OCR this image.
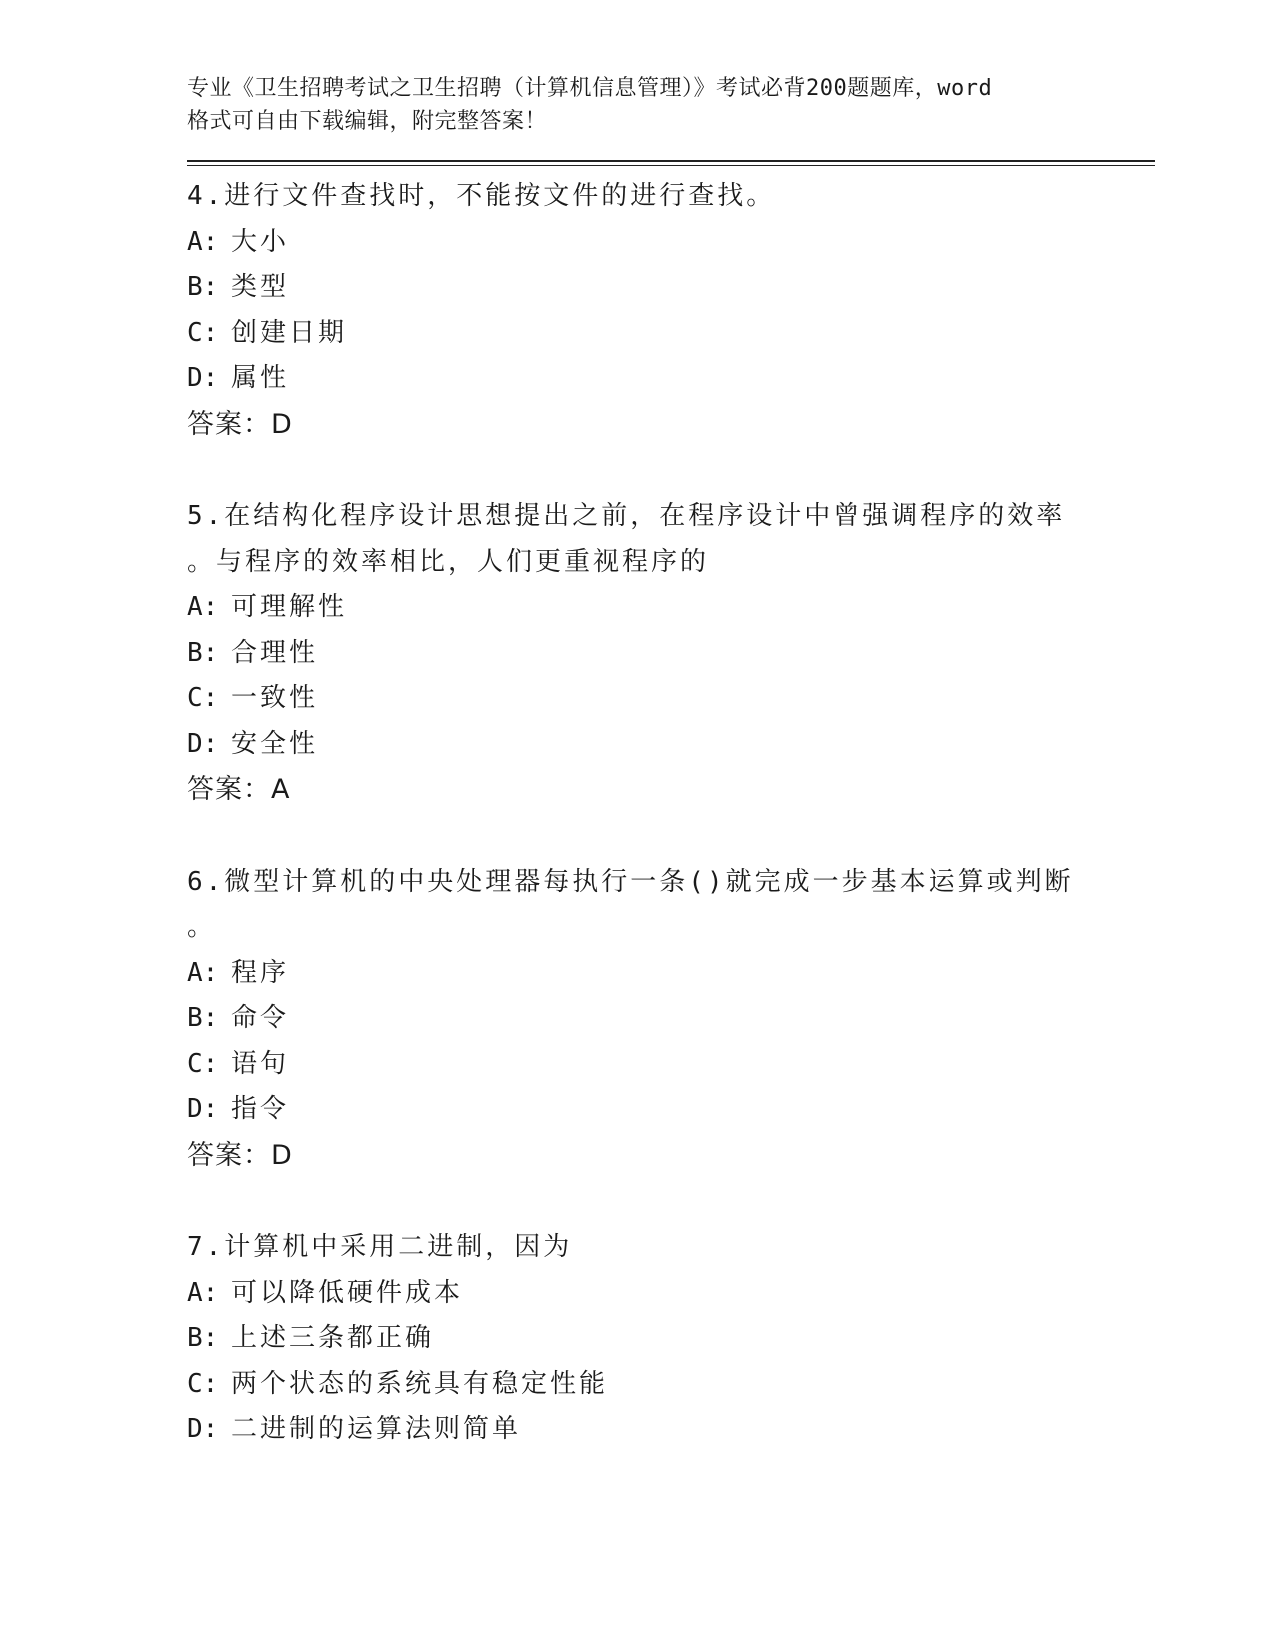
专业《卫生招聘考试之卫生招聘（计算机信息管理）》考试必背200题题库，word
格式可自由下载编辑，附完整答案！
4.进行文件查找时，不能按文件的进行查找。
A: 大小
B: 类型
C: 创建日期
D: 属性
答案：D
5.在结构化程序设计思想提出之前，在程序设计中曾强调程序的效率
。与程序的效率相比，人们更重视程序的
A: 可理解性
B: 合理性
C: 一致性
D: 安全性
答案：A
6.微型计算机的中央处理器每执行一条()就完成一步基本运算或判断
。
A: 程序
B: 命令
C: 语句
D: 指令
答案：D
7.计算机中采用二进制，因为
A: 可以降低硬件成本
B: 上述三条都正确
C: 两个状态的系统具有稳定性能
D: 二进制的运算法则简单
